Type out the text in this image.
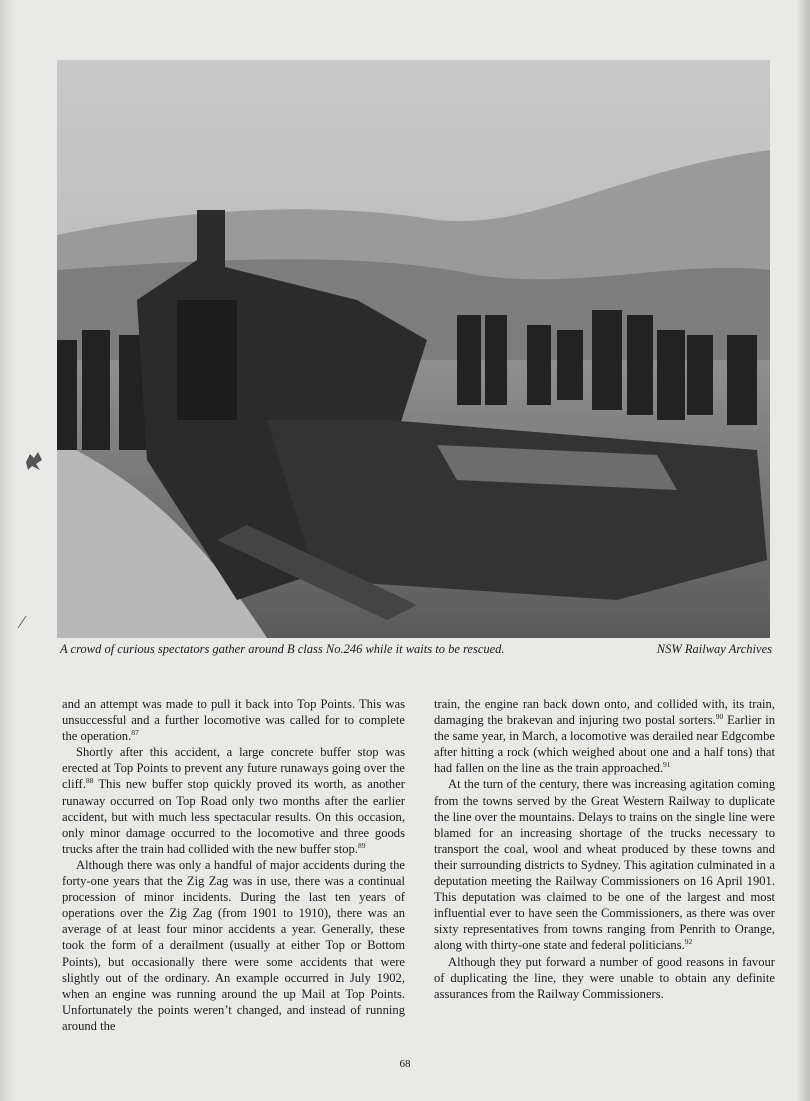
A crowd of curious spectators gather around B class No.246 while it waits to be rescued.	NSW Railway Archives

and an attempt was made to pull it back into Top Points. This was unsuccessful and a further locomotive was called for to complete the operation.$^{87}$

Shortly after this accident, a large concrete buffer stop was erected at Top Points to prevent any future runaways going over the cliff.$^{88}$ This new buffer stop quickly proved its worth, as another runaway occurred on Top Road only two months after the earlier accident, but with much less spectacular results. On this occasion, only minor damage occurred to the locomotive and three goods trucks after the train had collided with the new buffer stop.$^{89}$

Although there was only a handful of major accidents during the forty-one years that the Zig Zag was in use, there was a continual procession of minor incidents. During the last ten years of operations over the Zig Zag (from 1901 to 1910), there was an average of at least four minor accidents a year. Generally, these took the form of a derailment (usually at either Top or Bottom Points), but occasionally there were some accidents that were slightly out of the ordinary. An example occurred in July 1902, when an engine was running around the up Mail at Top Points. Unfortunately the points weren’t changed, and instead of running around the

train, the engine ran back down onto, and collided with, its train, damaging the brakevan and injuring two postal sorters.$^{90}$ Earlier in the same year, in March, a locomotive was derailed near Edgcombe after hitting a rock (which weighed about one and a half tons) that had fallen on the line as the train approached.$^{91}$

At the turn of the century, there was increasing agitation coming from the towns served by the Great Western Railway to duplicate the line over the mountains. Delays to trains on the single line were blamed for an increasing shortage of the trucks necessary to transport the coal, wool and wheat produced by these towns and their surrounding districts to Sydney. This agitation culminated in a deputation meeting the Railway Commissioners on 16 April 1901. This deputation was claimed to be one of the largest and most influential ever to have seen the Commissioners, as there was over sixty representatives from towns ranging from Penrith to Orange, along with thirty-one state and federal politicians.$^{92}$

Although they put forward a number of good reasons in favour of duplicating the line, they were unable to obtain any definite assurances from the Railway Commissioners.

68
